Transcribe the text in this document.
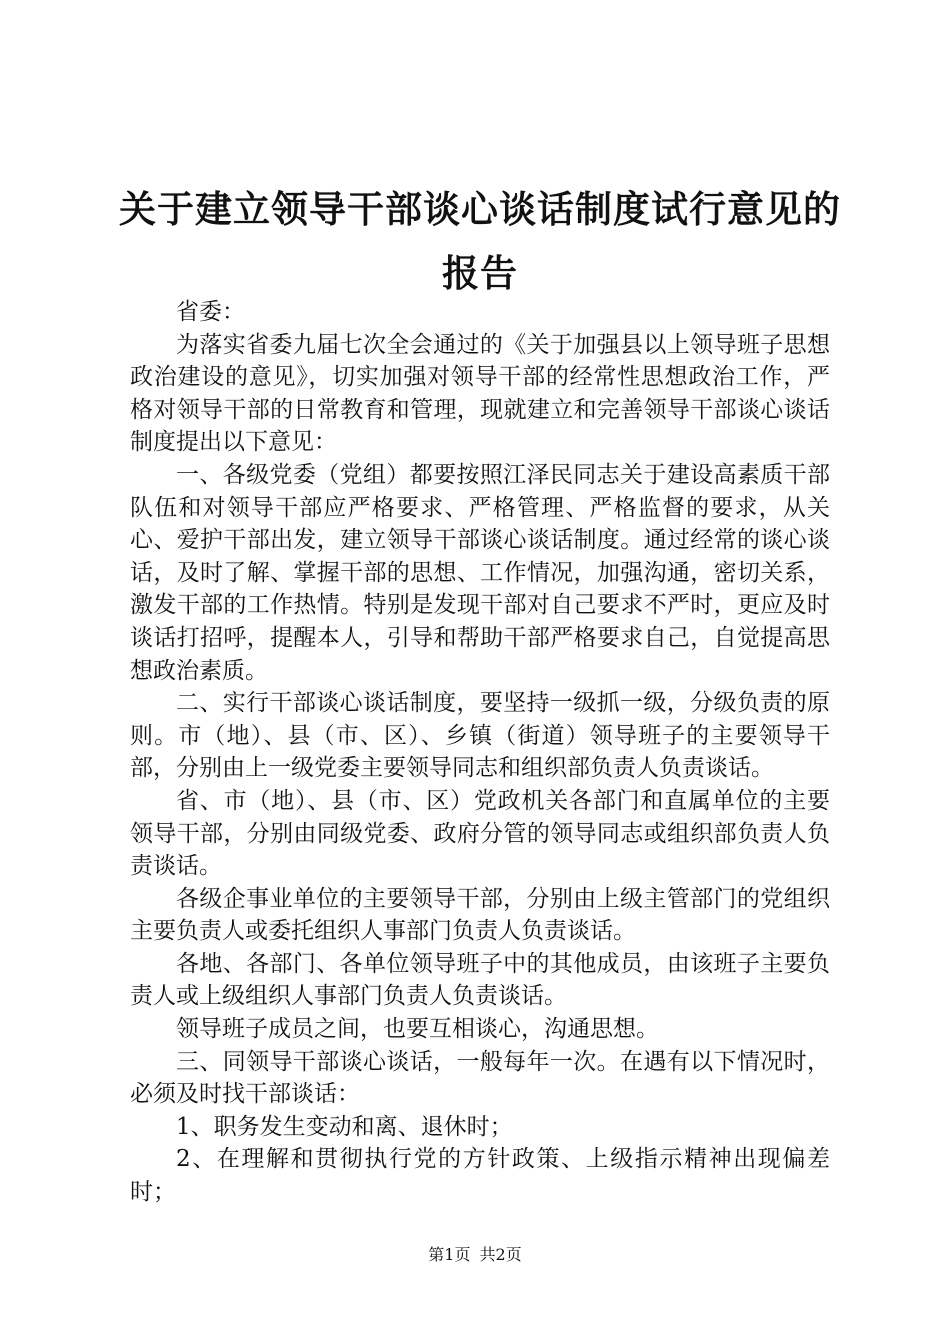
关于建立领导干部谈心谈话制度试行意见的报告

省委：

为落实省委九届七次全会通过的《关于加强县以上领导班子思想政治建设的意见》，切实加强对领导干部的经常性思想政治工作，严格对领导干部的日常教育和管理，现就建立和完善领导干部谈心谈话制度提出以下意见：

一、各级党委（党组）都要按照江泽民同志关于建设高素质干部队伍和对领导干部应严格要求、严格管理、严格监督的要求，从关心、爱护干部出发，建立领导干部谈心谈话制度。通过经常的谈心谈话，及时了解、掌握干部的思想、工作情况，加强沟通，密切关系，激发干部的工作热情。特别是发现干部对自己要求不严时，更应及时谈话打招呼，提醒本人，引导和帮助干部严格要求自己，自觉提高思想政治素质。

二、实行干部谈心谈话制度，要坚持一级抓一级，分级负责的原则。市（地）、县（市、区）、乡镇（街道）领导班子的主要领导干部，分别由上一级党委主要领导同志和组织部负责人负责谈话。

省、市（地）、县（市、区）党政机关各部门和直属单位的主要领导干部，分别由同级党委、政府分管的领导同志或组织部负责人负责谈话。

各级企事业单位的主要领导干部，分别由上级主管部门的党组织主要负责人或委托组织人事部门负责人负责谈话。

各地、各部门、各单位领导班子中的其他成员，由该班子主要负责人或上级组织人事部门负责人负责谈话。

领导班子成员之间，也要互相谈心，沟通思想。

三、同领导干部谈心谈话，一般每年一次。在遇有以下情况时，必须及时找干部谈话：

1、职务发生变动和离、退休时；

2、在理解和贯彻执行党的方针政策、上级指示精神出现偏差时；

第1页 共2页
